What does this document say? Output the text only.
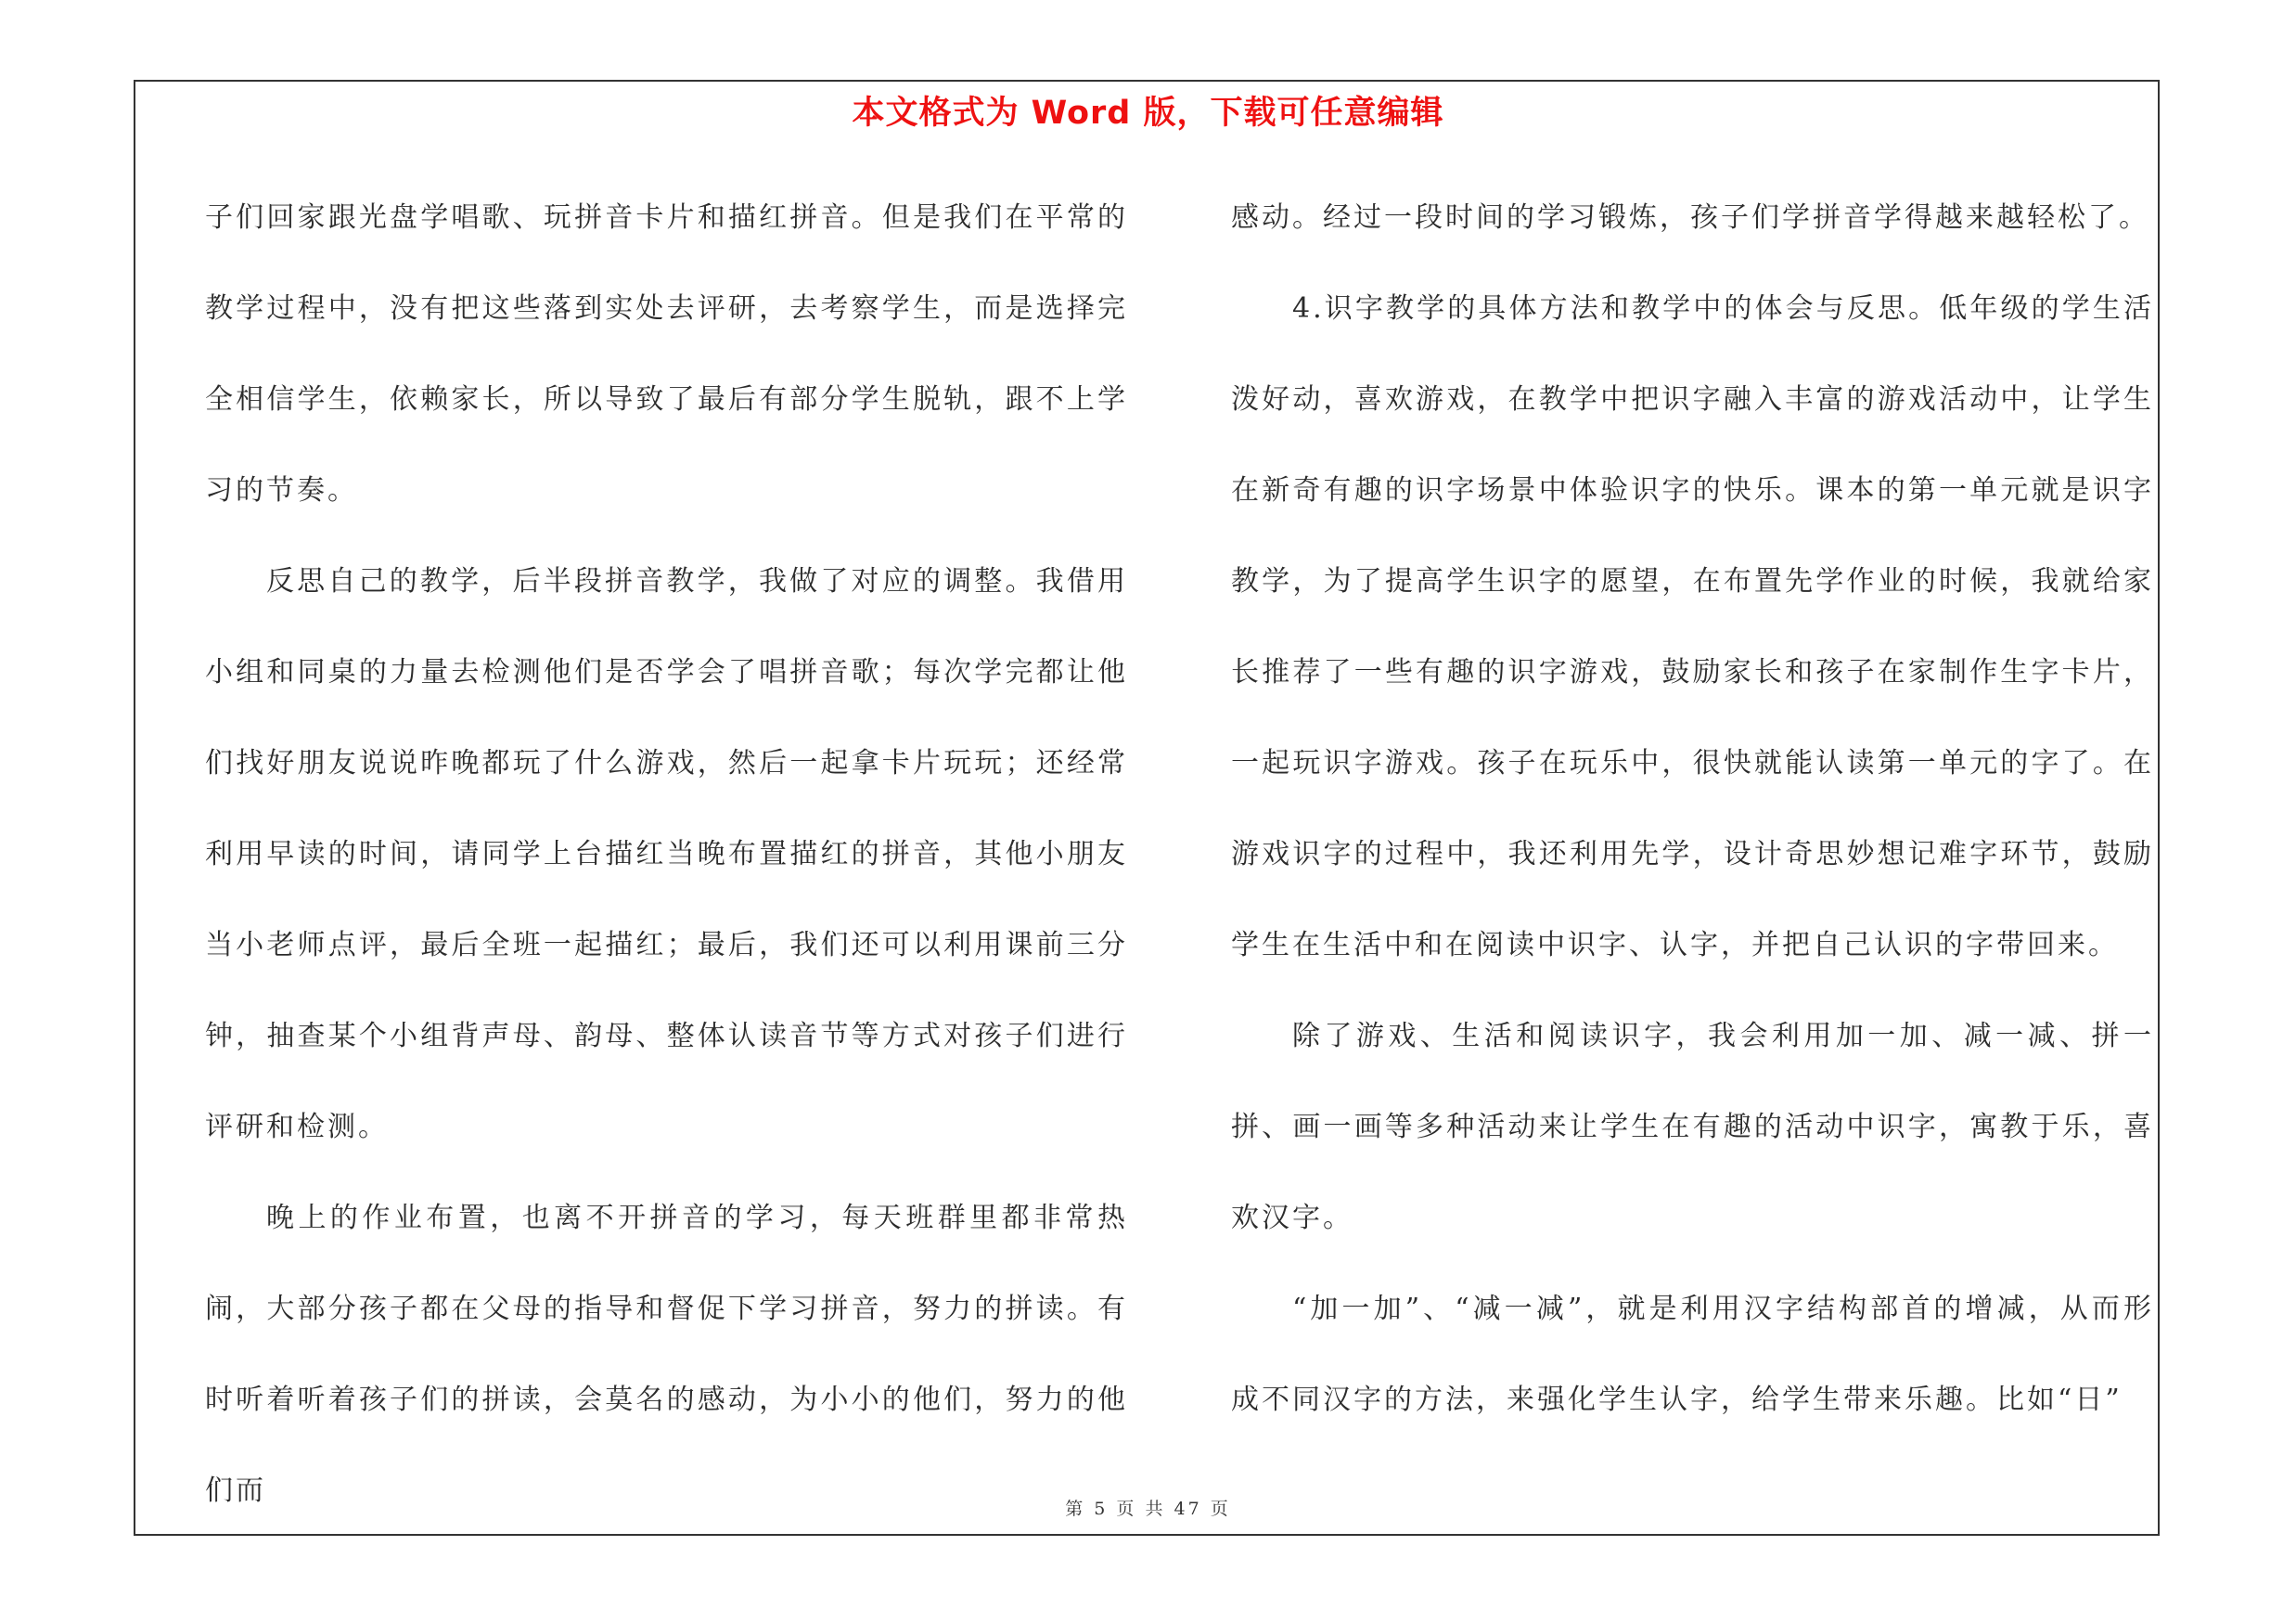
本文格式为 Word 版，下载可任意编辑

子们回家跟光盘学唱歌、玩拼音卡片和描红拼音。但是我们在平常的教学过程中，没有把这些落到实处去评研，去考察学生，而是选择完全相信学生，依赖家长，所以导致了最后有部分学生脱轨，跟不上学习的节奏。

反思自己的教学，后半段拼音教学，我做了对应的调整。我借用小组和同桌的力量去检测他们是否学会了唱拼音歌；每次学完都让他们找好朋友说说昨晚都玩了什么游戏，然后一起拿卡片玩玩；还经常利用早读的时间，请同学上台描红当晚布置描红的拼音，其他小朋友当小老师点评，最后全班一起描红；最后，我们还可以利用课前三分钟，抽查某个小组背声母、韵母、整体认读音节等方式对孩子们进行评研和检测。

晚上的作业布置，也离不开拼音的学习，每天班群里都非常热闹，大部分孩子都在父母的指导和督促下学习拼音，努力的拼读。有时听着听着孩子们的拼读，会莫名的感动，为小小的他们，努力的他们而

感动。经过一段时间的学习锻炼，孩子们学拼音学得越来越轻松了。

4.识字教学的具体方法和教学中的体会与反思。低年级的学生活泼好动，喜欢游戏，在教学中把识字融入丰富的游戏活动中，让学生在新奇有趣的识字场景中体验识字的快乐。课本的第一单元就是识字教学，为了提高学生识字的愿望，在布置先学作业的时候，我就给家长推荐了一些有趣的识字游戏，鼓励家长和孩子在家制作生字卡片，一起玩识字游戏。孩子在玩乐中，很快就能认读第一单元的字了。在游戏识字的过程中，我还利用先学，设计奇思妙想记难字环节，鼓励学生在生活中和在阅读中识字、认字，并把自己认识的字带回来。

除了游戏、生活和阅读识字，我会利用加一加、减一减、拼一拼、画一画等多种活动来让学生在有趣的活动中识字，寓教于乐，喜欢汉字。

“加一加”、“减一减”，就是利用汉字结构部首的增减，从而形成不同汉字的方法，来强化学生认字，给学生带来乐趣。比如“日”

第 5 页 共 47 页
